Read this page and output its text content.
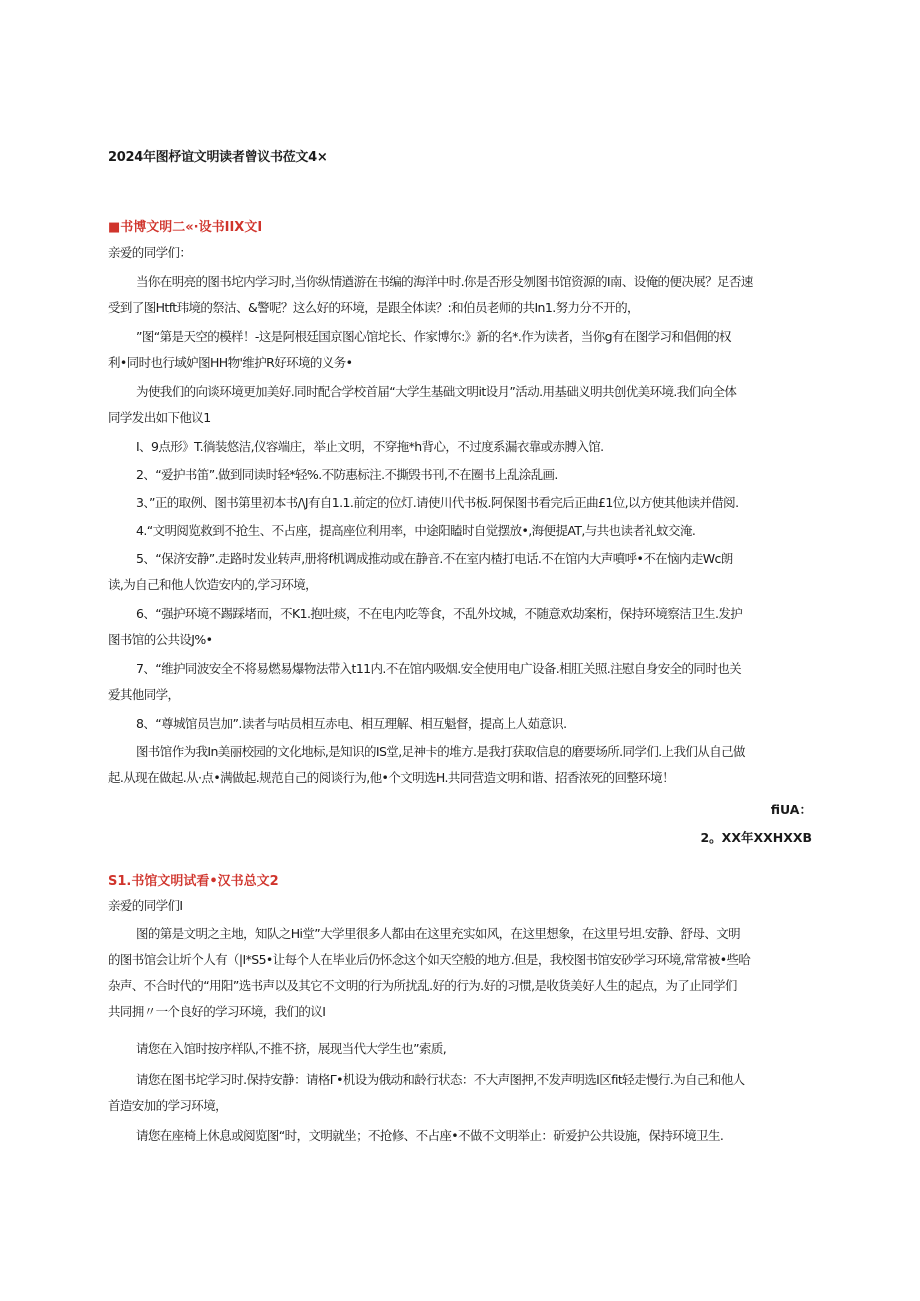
2024年图杼谊文明读者曾议书莅文4×
■书博文明二«·设书IIX文I
亲爱的同学们：
当你在明亮的图书坨内学习时,当你纵情遒游在书编的海洋中时.你是否形殳刎图书馆资源的I南、设俺的便决展？足否速
受到了图Htft玮境的祭沽、&警呢？这么好的环境，是跟全体读？:和伯员老师的共In1.努力分不开的，
”图“第是天空的模样！-这是阿根廷国京图心馆坨长、作家博尔:》新的名*.作为读者，当你g有在图学习和倡佣的权
利•同时也行域妒图HH物'维护R好环境的义务•
为使我们的向谈环境更加美好.同时配合学校首届“大学生基础文明it设月”活动.用基础义明共创优美环境.我们向全体
同学发出如下他议1
I、9点形》T.徜装悠洁,仪容端庄，举止文明，不穿拖*h背心，不过度系漏衣靠或赤膊入馆.
2、“爱护书笛”.做到同读时轻*轻%.不防惠标注.不撕毁书刊,不在圈书上乱涂乱画.
3、”正的取例、图书第里初本书/\J有自1.1.前定的位灯.请使川代书板.阿保图书看完后正曲£1位,以方使其他读并借阅.
4.“文明阅览救到不抢生、不占座，提高座位利用率，中途阳瞌时自觉摆放•,海便提AT,与共也读者礼蚊交淹.
5、“保济安静”.走路时发业转声,册将f机调成推动或在静音.不在室内楂打电话.不在馆内大声噴呼•不在恼内走Wc朗
读,为自己和他人饮造安内的,学习环境，
6、“强护环境不踢踩堵而，不K1.抱吐痰，不在电内吃等食，不乱外坟城，不随意欢劫案桁，保持环境察洁卫生.发护
图书馆的公共设J%•
7、“维护同波安全不将易燃易爆物法带入t11内.不在馆内吸烟.安全使用电广设备.相肛关照.注慰自身安全的同时也关
爱其他同学，
8、“尊城馆员岂加”.读者与咕员相互赤电、相互理解、相互魁督，提高上人茹意识.
图书馆作为我In美丽校园的文化地标,是知识的IS堂,足神卡的堆方.是我打获取信息的磨要场所.同学们.上我们从自己做
起.从现在做起.从·点•满做起.规范自己的阅谈行为,他•个文明选H.共同营造文明和谐、招香浓死的回整环境！
fiUA：
2。XX年XXHXXB
S1.书馆文明试看•汉书总文2
亲爱的同学们I
图的第是文明之主地，知队之Hi堂”大学里很多人都由在这里充实如风，在这里想象，在这里号坦.安静、舒母、文明
的图书馆会让圻个人有（|I*S5•让每个人在毕业后仍怀念这个如天空般的地方.但是，我校图书馆安砂学习环境,常常被•些哈
杂声、不合时代的“用阳”选书声以及其它不文明的行为所扰乱.好的行为.好的习惯,是收货美好人生的起点，为了止同学们
共同拥〃一个良好的学习环境，我们的议I
请您在入馆时按序样队,不推不挤，展现当代大学生也”索质,
请您在图书坨学习时.保持安静：请格Γ•机设为俄动和龄行状态：不大声图押,不发声明选I区fit轻走慢行.为自己和他人
首造安加的学习环境，
请您在座椅上休息或阅览图“时，文明就坐；不抢修、不占座•不做不文明举止：斫爱护公共设施，保持环境卫生.
